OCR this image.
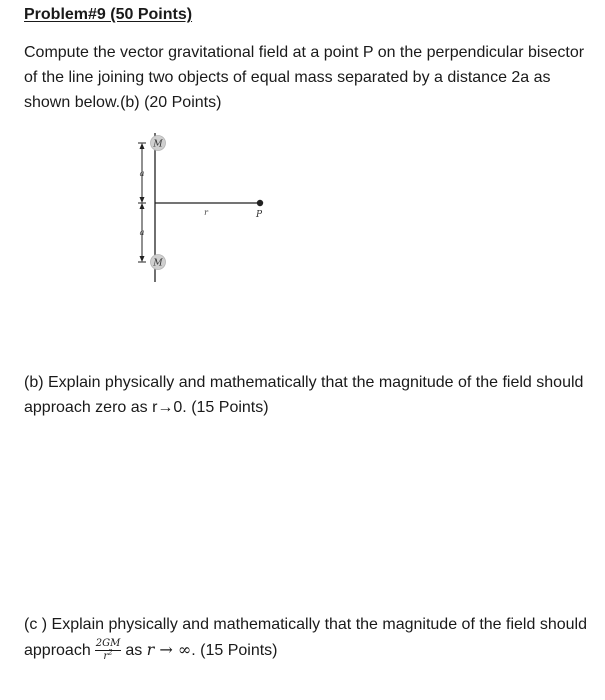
Problem#9 (50 Points)
Compute the vector gravitational field at a point P on the perpendicular bisector of the line joining two objects of equal mass separated by a distance 2a as shown below.(b) (20 Points)
M
M
a
a
r	P
(b) Explain physically and mathematically that the magnitude of the field should approach zero as r→0. (15 Points)
(c ) Explain physically and mathematically that the magnitude of the field should approach $\frac{2GM}{r^2}$ as r → ∞. (15 Points)
